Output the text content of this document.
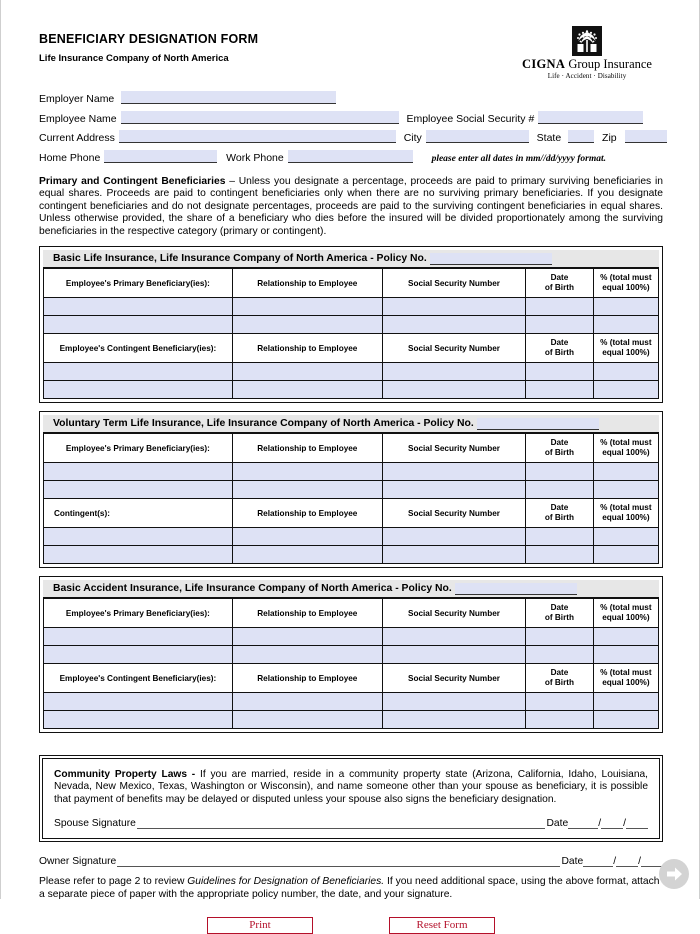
BENEFICIARY DESIGNATION FORM
Life Insurance Company of North America	CIGNA Group Insurance
Life · Accident · Disability
Employer Name
Employee Name	Employee Social Security #
Current Address	City	State	Zip
Home Phone	Work Phone	please enter all dates in mm//dd/yyyy format.
Primary and Contingent Beneficiaries – Unless you designate a percentage, proceeds are paid to primary surviving beneficiaries in equal shares. Proceeds are paid to contingent beneficiaries only when there are no surviving primary beneficiaries. If you designate contingent beneficiaries and do not designate percentages, proceeds are paid to the surviving contingent beneficiaries in equal shares. Unless otherwise provided, the share of a beneficiary who dies before the insured will be divided proportionately among the surviving beneficiaries in the respective category (primary or contingent).
Basic Life Insurance, Life Insurance Company of North America - Policy No.
Employee's Primary Beneficiary(ies):	Relationship to Employee	Social Security Number	Date
of Birth	% (total must
equal 100%)

Employee's Contingent Beneficiary(ies):	Relationship to Employee	Social Security Number	Date
of Birth	% (total must
equal 100%)

Voluntary Term Life Insurance, Life Insurance Company of North America - Policy No.
Employee's Primary Beneficiary(ies):	Relationship to Employee	Social Security Number	Date
of Birth	% (total must
equal 100%)

Contingent(s):	Relationship to Employee	Social Security Number	Date
of Birth	% (total must
equal 100%)

Basic Accident Insurance, Life Insurance Company of North America - Policy No.
Employee's Primary Beneficiary(ies):	Relationship to Employee	Social Security Number	Date
of Birth	% (total must
equal 100%)

Employee's Contingent Beneficiary(ies):	Relationship to Employee	Social Security Number	Date
of Birth	% (total must
equal 100%)

Community Property Laws - If you are married, reside in a community property state (Arizona, California, Idaho, Louisiana, Nevada, New Mexico, Texas, Washington or Wisconsin), and name someone other than your spouse as beneficiary, it is possible that payment of benefits may be delayed or disputed unless your spouse also signs the beneficiary designation.
Spouse Signature	Date	/ /
Owner Signature	Date	/ /
Please refer to page 2 to review Guidelines for Designation of Beneficiaries. If you need additional space, using the above format, attach a separate piece of paper with the appropriate policy number, the date, and your signature.
Print	Reset Form
